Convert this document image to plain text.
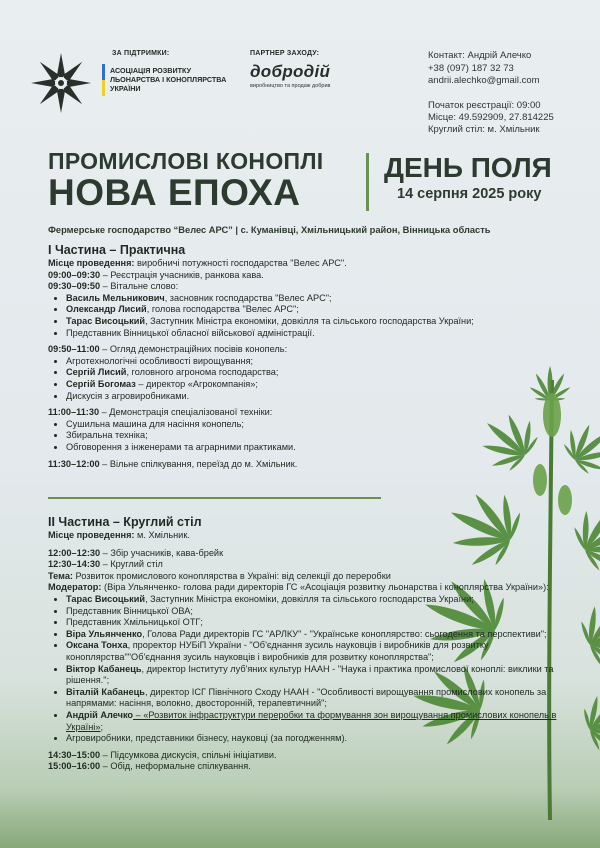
ЗА ПІДТРИМКИ:
АСОЦІАЦІЯ РОЗВИТКУ ЛЬОНАРСТВА І КОНОПЛЯРСТВА УКРАЇНИ
ПАРТНЕР ЗАХОДУ:
добродій
виробництво та продаж добрив
Контакт: Андрій Алечко
+38 (097) 187 32 73
andrii.alechko@gmail.com
Початок реєстрації: 09:00
Місце: 49.592909, 27.814225
Круглий стіл: м. Хмільник
ПРОМИСЛОВІ КОНОПЛІ
НОВА ЕПОХА
ДЕНЬ ПОЛЯ
14 серпня 2025 року
Фермерське господарство “Велес АРС” | с. Куманівці, Хмільницький район, Вінницька область

І Частина – Практична

Місце проведення: виробничі потужності господарства "Велес АРС".

09:00–09:30 – Реєстрація учасників, ранкова кава.

09:30–09:50 – Вітальне слово:

• Василь Мельникович, засновник господарства "Велес АРС";
• Олександр Лисий, голова господарства "Велес АРС";
• Тарас Висоцький, Заступник Міністра економіки, довкілля та сільського господарства України;
• Представник Вінницької обласної військової адміністрації.

09:50–11:00 – Огляд демонстраційних посівів конопель:

• Агротехнологічні особливості вирощування;
• Сергій Лисий, головного агронома господарства;
• Сергій Богомаз – директор «Агрокомпанія»;
• Дискусія з агровиробниками.

11:00–11:30 – Демонстрація спеціалізованої техніки:

• Сушильна машина для насіння конопель;
• Збиральна техніка;
• Обговорення з інженерами та аграрними практиками.

11:30–12:00 – Вільне спілкування, переїзд до м. Хмільник.

ІІ Частина – Круглий стіл

Місце проведення: м. Хмільник.

12:00–12:30 – Збір учасників, кава-брейк

12:30–14:30 – Круглий стіл

Тема: Розвиток промислового коноплярства в Україні: від селекції до переробки

Модератор: (Віра Ульянченко- голова ради директорів ГС «Асоціація розвитку льонарства і коноплярства України»):

• Тарас Висоцький, Заступник Міністра економіки, довкілля та сільського господарства України;
• Представник Вінницької ОВА;
• Представник Хмільницької ОТГ;
• Віра Ульянченко, Голова Ради директорів ГС "АРЛКУ" - "Українське коноплярство: сьогодення та перспективи";
• Оксана Тонха, проректор НУБіП України - "Об'єднання зусиль науковців і виробників для розвитку коноплярства""Об'єднання зусиль науковців і виробників для розвитку коноплярства";
• Віктор Кабанець, директор Інституту луб'яних культур НААН - "Наука і практика промислової коноплі: виклики та рішення.";
• Віталій Кабанець, директор ІСГ Північного Сходу НААН - "Особливості вирощування промислових конопель за напрямами: насіння, волокно, двосторонній, терапевтичний";
• Андрій Алечко – «Розвиток інфраструктури переробки та формування зон вирощування промислових конопель в Україні»;
• Агровиробники, представники бізнесу, науковці (за погодженням).

14:30–15:00 – Підсумкова дискусія, спільні ініціативи.

15:00–16:00 – Обід, неформальне спілкування.
